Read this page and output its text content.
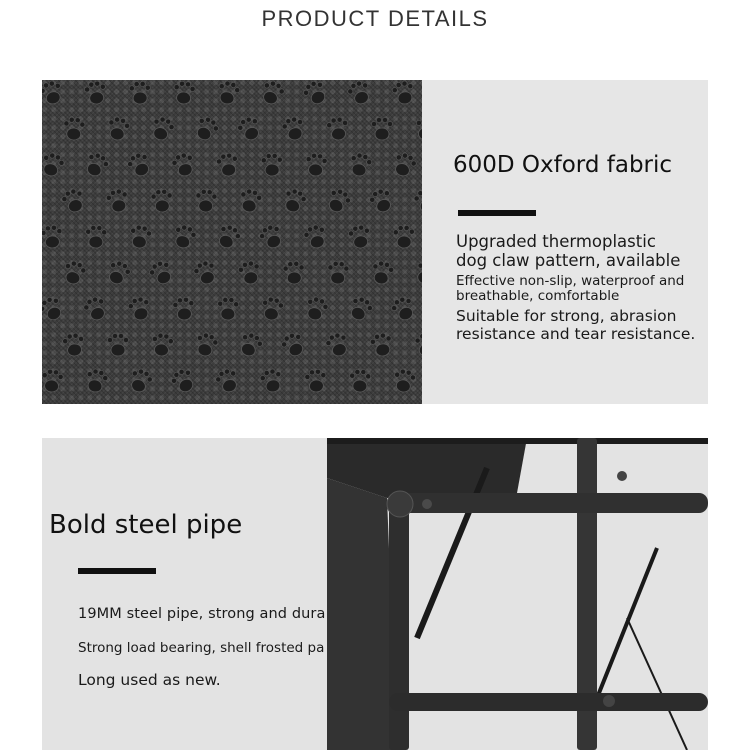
PRODUCT DETAILS
600D Oxford fabric
Upgraded thermoplastic
dog claw pattern, available
Effective non-slip, waterproof and
breathable, comfortable
Suitable for strong, abrasion
resistance and tear resistance.
Bold steel pipe
19MM steel pipe, strong and dura
Strong load bearing, shell frosted pa
Long used as new.
